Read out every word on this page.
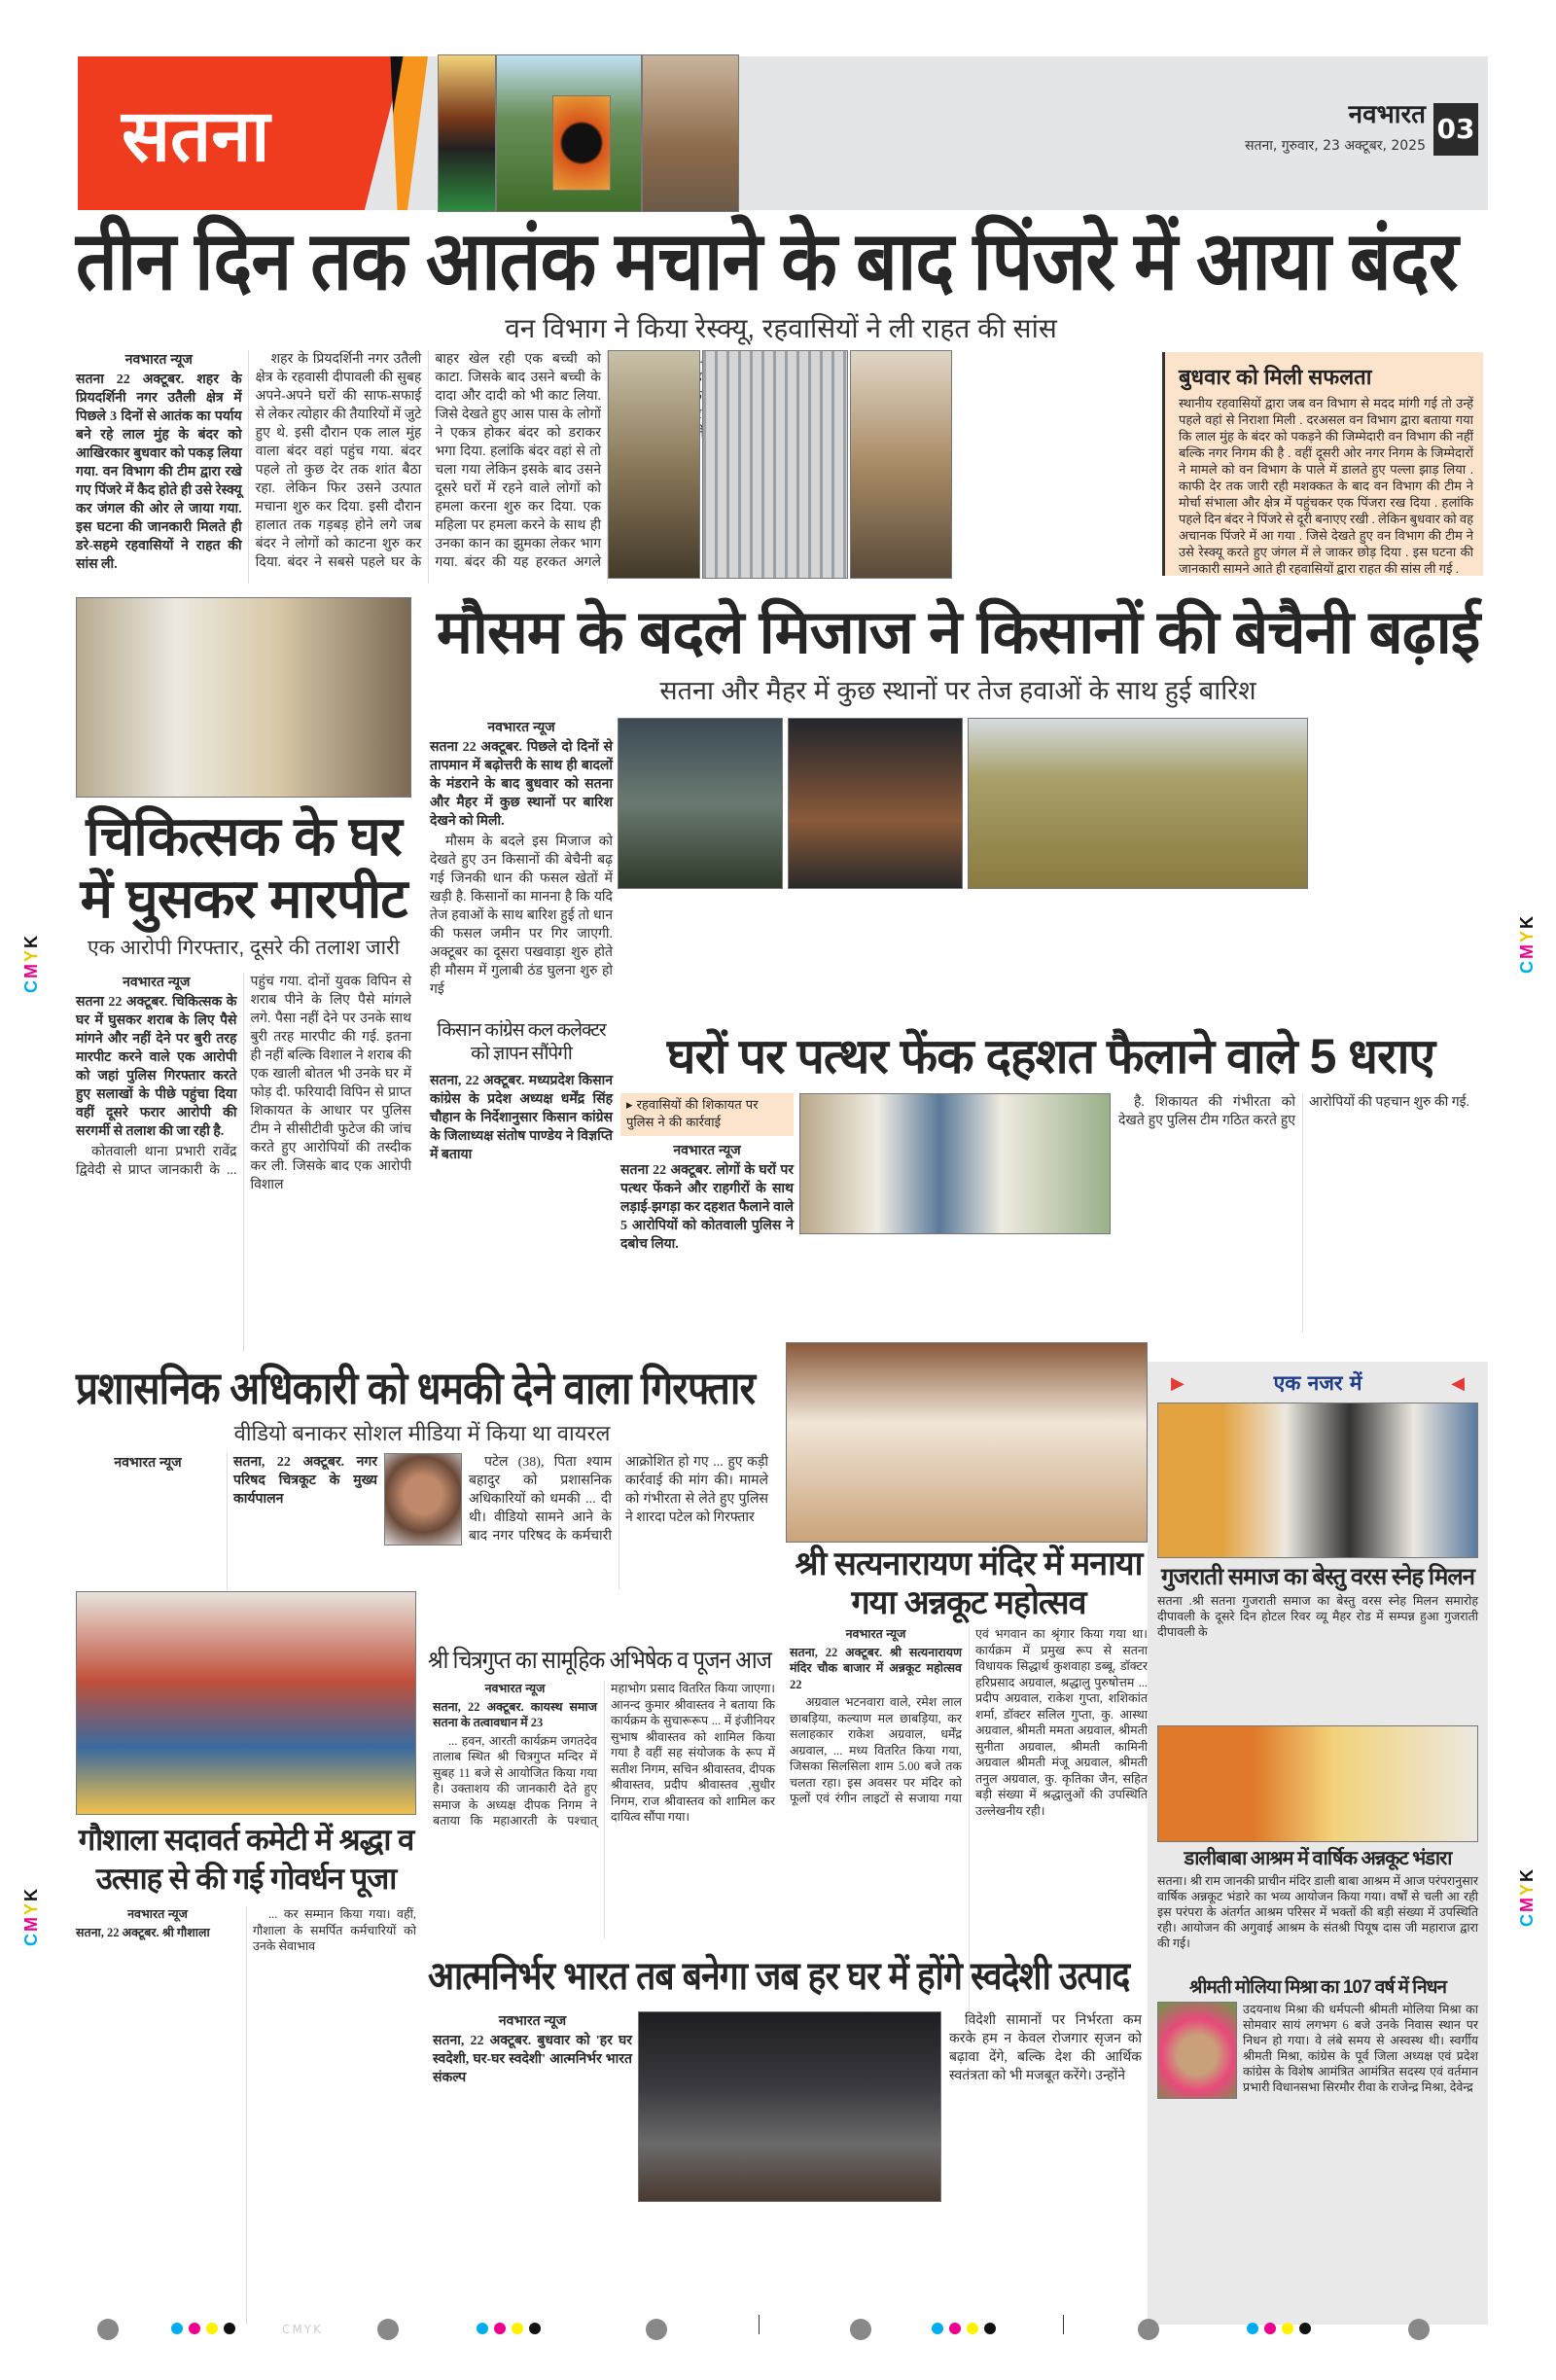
सतना	नवभारत
सतना, गुरुवार, 23 अक्टूबर, 2025
03
तीन दिन तक आतंक मचाने के बाद पिंजरे में आया बंदर
वन विभाग ने किया रेस्क्यू, रहवासियों ने ली राहत की सांस

नवभारत न्यूज

सतना 22 अक्टूबर. शहर के प्रियदर्शिनी नगर उतैली क्षेत्र में पिछले 3 दिनों से आतंक का पर्याय बने रहे लाल मुंह के बंदर को आखिरकार बुधवार को पकड़ लिया गया. वन विभाग की टीम द्वारा रखे गए पिंजरे में कैद होते ही उसे रेस्क्यू कर जंगल की ओर ले जाया गया. इस घटना की जानकारी मिलते ही डरे-सहमे रहवासियों ने राहत की सांस ली.

शहर के प्रियदर्शिनी नगर उतैली क्षेत्र के रहवासी दीपावली की सुबह अपने-अपने घरों की साफ-सफाई से लेकर त्योहार की तैयारियों में जुटे हुए थे. इसी दौरान एक लाल मुंह वाला बंदर वहां पहुंच गया. बंदर पहले तो कुछ देर तक शांत बैठा रहा. लेकिन फिर उसने उत्पात मचाना शुरु कर दिया. इसी दौरान हालात तक गड़बड़ होने लगे जब बंदर ने लोगों को काटना शुरु कर दिया. बंदर ने सबसे पहले घर के बाहर खेल रही एक बच्ची को काटा. जिसके बाद उसने बच्ची के दादा और दादी को भी काट लिया. जिसे देखते हुए आस पास के लोगों ने एकत्र होकर बंदर को डराकर भगा दिया. हलांकि बंदर वहां से तो चला गया लेकिन इसके बाद उसने दूसरे घरों में रहने वाले लोगों को हमला करना शुरु कर दिया. एक महिला पर हमला करने के साथ ही उनका कान का झुमका लेकर भाग गया. बंदर की यह हरकत अगले

बुधवार को मिली सफलता
स्थानीय रहवासियों द्वारा जब वन विभाग से मदद मांगी गई तो उन्हें पहले वहां से निराशा मिली . दरअसल वन विभाग द्वारा बताया गया कि लाल मुंह के बंदर को पकड़ने की जिम्मेदारी वन विभाग की नहीं बल्कि नगर निगम की है . वहीं दूसरी ओर नगर निगम के जिम्मेदारों ने मामले को वन विभाग के पाले में डालते हुए पल्ला झाड़ लिया . काफी देर तक जारी रही मशक्कत के बाद वन विभाग की टीम ने मोर्चा संभाला और क्षेत्र में पहुंचकर एक पिंजरा रख दिया . हलांकि पहले दिन बंदर ने पिंजरे से दूरी बनाएए रखी . लेकिन बुधवार को वह अचानक पिंजरे में आ गया . जिसे देखते हुए वन विभाग की टीम ने उसे रेस्क्यू करते हुए जंगल में ले जाकर छोड़ दिया . इस घटना की जानकारी सामने आते ही रहवासियों द्वारा राहत की सांस ली गई .
चिकित्सक के घर में घुसकर मारपीट
एक आरोपी गिरफ्तार, दूसरे की तलाश जारी

नवभारत न्यूज

सतना 22 अक्टूबर. चिकित्सक के घर में घुसकर शराब के लिए पैसे मांगने और नहीं देने पर बुरी तरह मारपीट करने वाले एक आरोपी को जहां पुलिस गिरफ्तार करते हुए सलाखों के पीछे पहुंचा दिया वहीं दूसरे फरार आरोपी की सरगर्मी से तलाश की जा रही है.

कोतवाली थाना प्रभारी रावेंद्र द्विवेदी से प्राप्त जानकारी के ... पहुंच गया. दोनों युवक विपिन से शराब पीने के लिए पैसे मांगले लगे. पैसा नहीं देने पर उनके साथ बुरी तरह मारपीट की गई. इतना ही नहीं बल्कि विशाल ने शराब की एक खाली बोतल भी उनके घर में फोड़ दी. फरियादी विपिन से प्राप्त शिकायत के आधार पर पुलिस टीम ने सीसीटीवी फुटेज की जांच करते हुए आरोपियों की तस्दीक कर ली. जिसके बाद एक आरोपी विशाल

मौसम के बदले मिजाज ने किसानों की बेचैनी बढ़ाई
सतना और मैहर में कुछ स्थानों पर तेज हवाओं के साथ हुई बारिश

नवभारत न्यूज

सतना 22 अक्टूबर. पिछले दो दिनों से तापमान में बढ़ोत्तरी के साथ ही बादलों के मंडराने के बाद बुधवार को सतना और मैहर में कुछ स्थानों पर बारिश देखने को मिली.

मौसम के बदले इस मिजाज को देखते हुए उन किसानों की बेचैनी बढ़ गई जिनकी धान की फसल खेतों में खड़ी है. किसानों का मानना है कि यदि तेज हवाओं के साथ बारिश हुई तो धान की फसल जमीन पर गिर जाएगी. अक्टूबर का दूसरा पखवाड़ा शुरु होते ही मौसम में गुलाबी ठंड घुलना शुरु हो गई

किसान कांग्रेस कल कलेक्टर को ज्ञापन सौंपेगी
सतना, 22 अक्टूबर. मध्यप्रदेश किसान कांग्रेस के प्रदेश अध्यक्ष धर्मेंद्र सिंह चौहान के निर्देशानुसार किसान कांग्रेस के जिलाध्यक्ष संतोष पाण्डेय ने विज्ञप्ति में बताया
घरों पर पत्थर फेंक दहशत फैलाने वाले 5 धराए
▸ रहवासियों की शिकायत पर पुलिस ने की कार्रवाई

नवभारत न्यूज

सतना 22 अक्टूबर. लोगों के घरों पर पत्थर फेंकने और राहगीरों के साथ लड़ाई-झगड़ा कर दहशत फैलाने वाले 5 आरोपियों को कोतवाली पुलिस ने दबोच लिया.

है. शिकायत की गंभीरता को देखते हुए पुलिस टीम गठित करते हुए आरोपियों की पहचान शुरु की गई.

प्रशासनिक अधिकारी को धमकी देने वाला गिरफ्तार
वीडियो बनाकर सोशल मीडिया में किया था वायरल

नवभारत न्यूज	सतना, 22 अक्टूबर. नगर परिषद चित्रकूट के मुख्य कार्यपालन

पटेल (38), पिता श्याम बहादुर को प्रशासनिक अधिकारियों को धमकी ... दी थी। वीडियो सामने आने के बाद नगर परिषद के कर्मचारी आक्रोशित हो गए ... हुए कड़ी कार्रवाई की मांग की। मामले को गंभीरता से लेते हुए पुलिस ने शारदा पटेल को गिरफ्तार

श्री सत्यनारायण मंदिर में मनाया गया अन्नकूट महोत्सव

नवभारत न्यूज

सतना, 22 अक्टूबर. श्री सत्यनारायण मंदिर चौक बाजार में अन्नकूट महोत्सव 22

अग्रवाल भटनवारा वाले, रमेश लाल छाबड़िया, कल्याण मल छाबड़िया, कर सलाहकार राकेश अग्रवाल, धर्मेंद्र अग्रवाल, ... मध्य वितरित किया गया, जिसका सिलसिला शाम 5.00 बजे तक चलता रहा। इस अवसर पर मंदिर को फूलों एवं रंगीन लाइटों से सजाया गया एवं भगवान का श्रृंगार किया गया था। कार्यक्रम में प्रमुख रूप से सतना विधायक सिद्धार्थ कुशवाहा डब्बू, डॉक्टर हरिप्रसाद अग्रवाल, श्रद्धालु पुरुषोत्तम ... प्रदीप अग्रवाल, राकेश गुप्ता, शशिकांत शर्मा, डॉक्टर सलिल गुप्ता, कु. आस्था अग्रवाल, श्रीमती ममता अग्रवाल, श्रीमती सुनीता अग्रवाल, श्रीमती कामिनी अग्रवाल श्रीमती मंजू अग्रवाल, श्रीमती तनुल अग्रवाल, कु. कृतिका जैन, सहित बड़ी संख्या में श्रद्धालुओं की उपस्थिति उल्लेखनीय रही।

गौशाला सदावर्त कमेटी में श्रद्धा व उत्साह से की गई गोवर्धन पूजा

नवभारत न्यूज

सतना, 22 अक्टूबर. श्री गौशाला

... कर सम्मान किया गया। वहीं, गौशाला के समर्पित कर्मचारियों को उनके सेवाभाव

श्री चित्रगुप्त का सामूहिक अभिषेक व पूजन आज

नवभारत न्यूज

सतना, 22 अक्टूबर. कायस्थ समाज सतना के तत्वावधान में 23

... हवन, आरती कार्यक्रम जगतदेव तालाब स्थित श्री चित्रगुप्त मन्दिर में सुबह 11 बजे से आयोजित किया गया है। उक्ताशय की जानकारी देते हुए समाज के अध्यक्ष दीपक निगम ने बताया कि महाआरती के पश्चात् महाभोग प्रसाद वितरित किया जाएगा। आनन्द कुमार श्रीवास्तव ने बताया कि कार्यक्रम के सुचारूरूप ... में इंजीनियर सुभाष श्रीवास्तव को शामिल किया गया है वहीं सह संयोजक के रूप में सतीश निगम, सचिन श्रीवास्तव, दीपक श्रीवास्तव, प्रदीप श्रीवास्तव ,सुधीर निगम, राज श्रीवास्तव को शामिल कर दायित्व सौंपा गया।

आत्मनिर्भर भारत तब बनेगा जब हर घर में होंगे स्वदेशी उत्पाद

नवभारत न्यूज

सतना, 22 अक्टूबर. बुधवार को 'हर घर स्वदेशी, घर-घर स्वदेशी' आत्मनिर्भर भारत संकल्प

विदेशी सामानों पर निर्भरता कम करके हम न केवल रोजगार सृजन को बढ़ावा देंगे, बल्कि देश की आर्थिक स्वतंत्रता को भी मजबूत करेंगे। उन्होंने

▶	एक नजर में	◀
गुजराती समाज का बेस्तु वरस स्नेह मिलन
सतना .श्री सतना गुजराती समाज का बेस्तु वरस स्नेह मिलन समारोह दीपावली के दूसरे दिन होटल रिवर व्यू मैहर रोड में सम्पन्न हुआ गुजराती दीपावली के
डालीबाबा आश्रम में वार्षिक अन्नकूट भंडारा
सतना। श्री राम जानकी प्राचीन मंदिर डाली बाबा आश्रम में आज परंपरानुसार वार्षिक अन्नकूट भंडारे का भव्य आयोजन किया गया। वर्षों से चली आ रही इस परंपरा के अंतर्गत आश्रम परिसर में भक्तों की बड़ी संख्या में उपस्थिति रही। आयोजन की अगुवाई आश्रम के संतश्री पियूष दास जी महाराज द्वारा की गई।
श्रीमती मोलिया मिश्रा का 107 वर्ष में निधन
उदयनाथ मिश्रा की धर्मपत्नी श्रीमती मोलिया मिश्रा का सोमवार सायं लगभग 6 बजे उनके निवास स्थान पर निधन हो गया। वे लंबे समय से अस्वस्थ थी। स्वर्गीय श्रीमती मिश्रा, कांग्रेस के पूर्व जिला अध्यक्ष एवं प्रदेश कांग्रेस के विशेष आमंत्रित आमंत्रित सदस्य एवं वर्तमान प्रभारी विधानसभा सिरमौर रीवा के राजेन्द्र मिश्रा, देवेन्द्र
CMYK
CMYK
CMYK
CMYK
CMYK
